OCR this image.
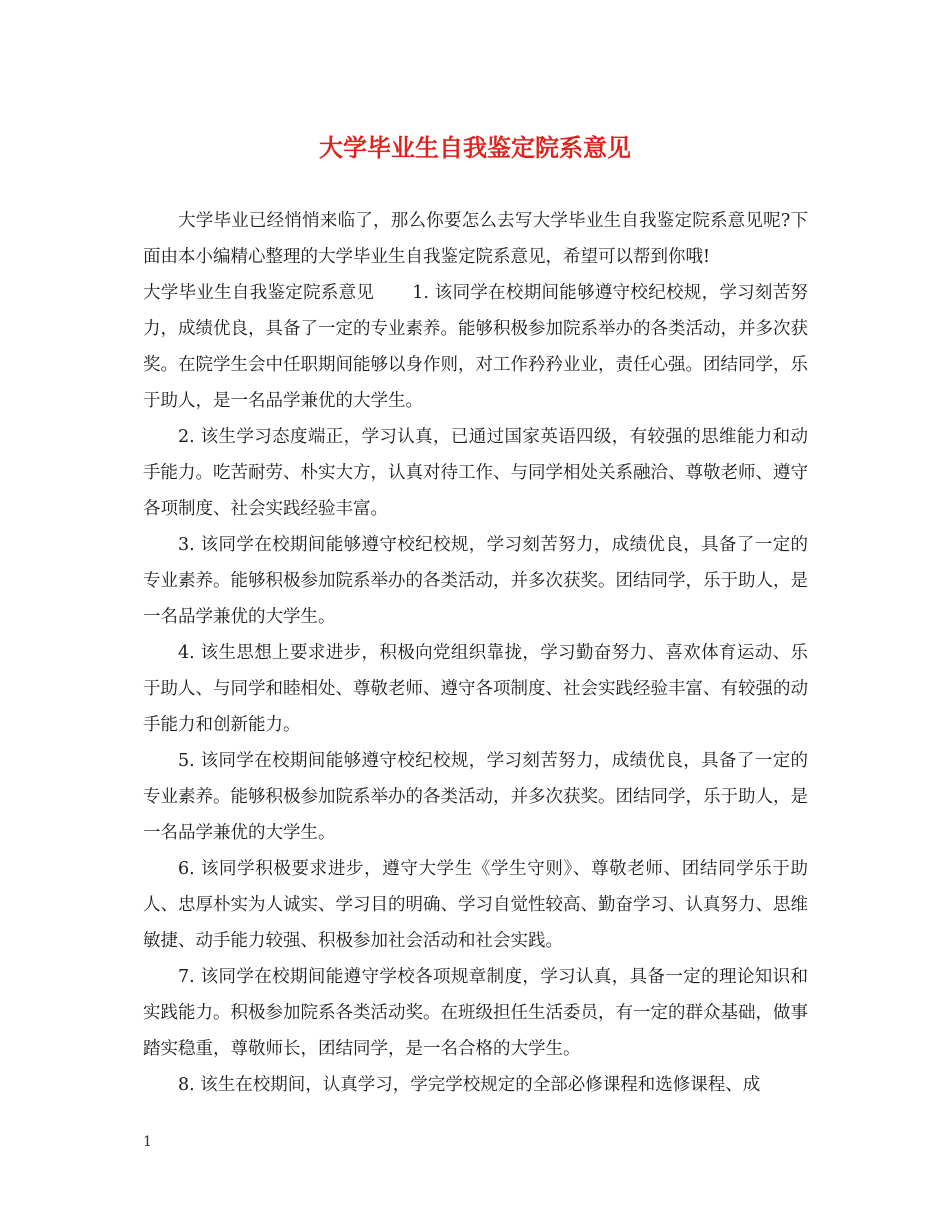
大学毕业生自我鉴定院系意见

大学毕业已经悄悄来临了，那么你要怎么去写大学毕业生自我鉴定院系意见呢?下面由本小编精心整理的大学毕业生自我鉴定院系意见，希望可以帮到你哦!

大学毕业生自我鉴定院系意见 1. 该同学在校期间能够遵守校纪校规，学习刻苦努力，成绩优良，具备了一定的专业素养。能够积极参加院系举办的各类活动，并多次获奖。在院学生会中任职期间能够以身作则，对工作矜矜业业，责任心强。团结同学，乐于助人，是一名品学兼优的大学生。

2. 该生学习态度端正，学习认真，已通过国家英语四级，有较强的思维能力和动手能力。吃苦耐劳、朴实大方，认真对待工作、与同学相处关系融洽、尊敬老师、遵守各项制度、社会实践经验丰富。

3. 该同学在校期间能够遵守校纪校规，学习刻苦努力，成绩优良，具备了一定的专业素养。能够积极参加院系举办的各类活动，并多次获奖。团结同学，乐于助人，是一名品学兼优的大学生。

4. 该生思想上要求进步，积极向党组织靠拢，学习勤奋努力、喜欢体育运动、乐于助人、与同学和睦相处、尊敬老师、遵守各项制度、社会实践经验丰富、有较强的动手能力和创新能力。

5. 该同学在校期间能够遵守校纪校规，学习刻苦努力，成绩优良，具备了一定的专业素养。能够积极参加院系举办的各类活动，并多次获奖。团结同学，乐于助人，是一名品学兼优的大学生。

6. 该同学积极要求进步，遵守大学生《学生守则》、尊敬老师、团结同学乐于助人、忠厚朴实为人诚实、学习目的明确、学习自觉性较高、勤奋学习、认真努力、思维敏捷、动手能力较强、积极参加社会活动和社会实践。

7. 该同学在校期间能遵守学校各项规章制度，学习认真，具备一定的理论知识和实践能力。积极参加院系各类活动奖。在班级担任生活委员，有一定的群众基础，做事踏实稳重，尊敬师长，团结同学，是一名合格的大学生。

8. 该生在校期间，认真学习，学完学校规定的全部必修课程和选修课程、成

1
